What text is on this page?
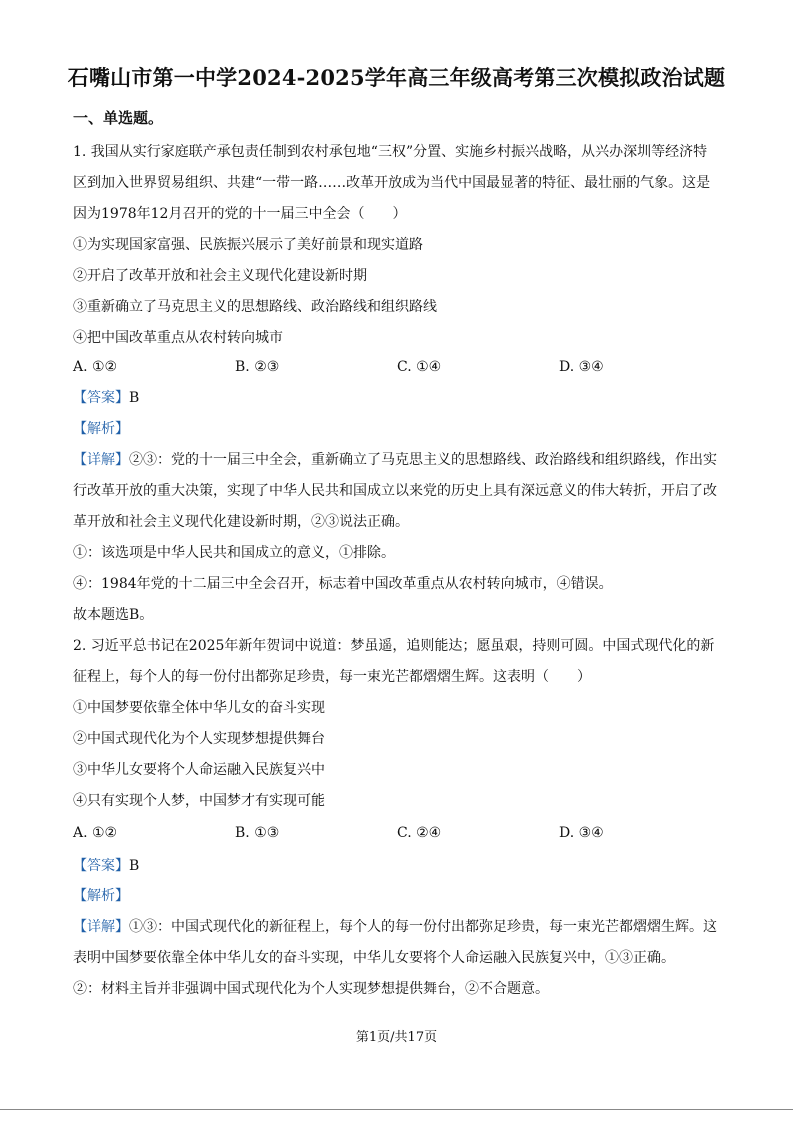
石嘴山市第一中学2024-2025学年高三年级高考第三次模拟政治试题
一、单选题。
1. 我国从实行家庭联产承包责任制到农村承包地“三权”分置、实施乡村振兴战略，从兴办深圳等经济特
区到加入世界贸易组织、共建“一带一路……改革开放成为当代中国最显著的特征、最壮丽的气象。这是
因为1978年12月召开的党的十一届三中全会（　　）
①为实现国家富强、民族振兴展示了美好前景和现实道路
②开启了改革开放和社会主义现代化建设新时期
③重新确立了马克思主义的思想路线、政治路线和组织路线
④把中国改革重点从农村转向城市
A. ①②	B. ②③	C. ①④	D. ③④
【答案】B
【解析】
【详解】②③：党的十一届三中全会，重新确立了马克思主义的思想路线、政治路线和组织路线，作出实
行改革开放的重大决策，实现了中华人民共和国成立以来党的历史上具有深远意义的伟大转折，开启了改
革开放和社会主义现代化建设新时期，②③说法正确。
①：该选项是中华人民共和国成立的意义，①排除。
④：1984年党的十二届三中全会召开，标志着中国改革重点从农村转向城市，④错误。
故本题选B。
2. 习近平总书记在2025年新年贺词中说道：梦虽遥，追则能达；愿虽艰，持则可圆。中国式现代化的新
征程上，每个人的每一份付出都弥足珍贵，每一束光芒都熠熠生辉。这表明（　　）
①中国梦要依靠全体中华儿女的奋斗实现
②中国式现代化为个人实现梦想提供舞台
③中华儿女要将个人命运融入民族复兴中
④只有实现个人梦，中国梦才有实现可能
A. ①②	B. ①③	C. ②④	D. ③④
【答案】B
【解析】
【详解】①③：中国式现代化的新征程上，每个人的每一份付出都弥足珍贵，每一束光芒都熠熠生辉。这
表明中国梦要依靠全体中华儿女的奋斗实现，中华儿女要将个人命运融入民族复兴中，①③正确。
②：材料主旨并非强调中国式现代化为个人实现梦想提供舞台，②不合题意。
第1页/共17页
